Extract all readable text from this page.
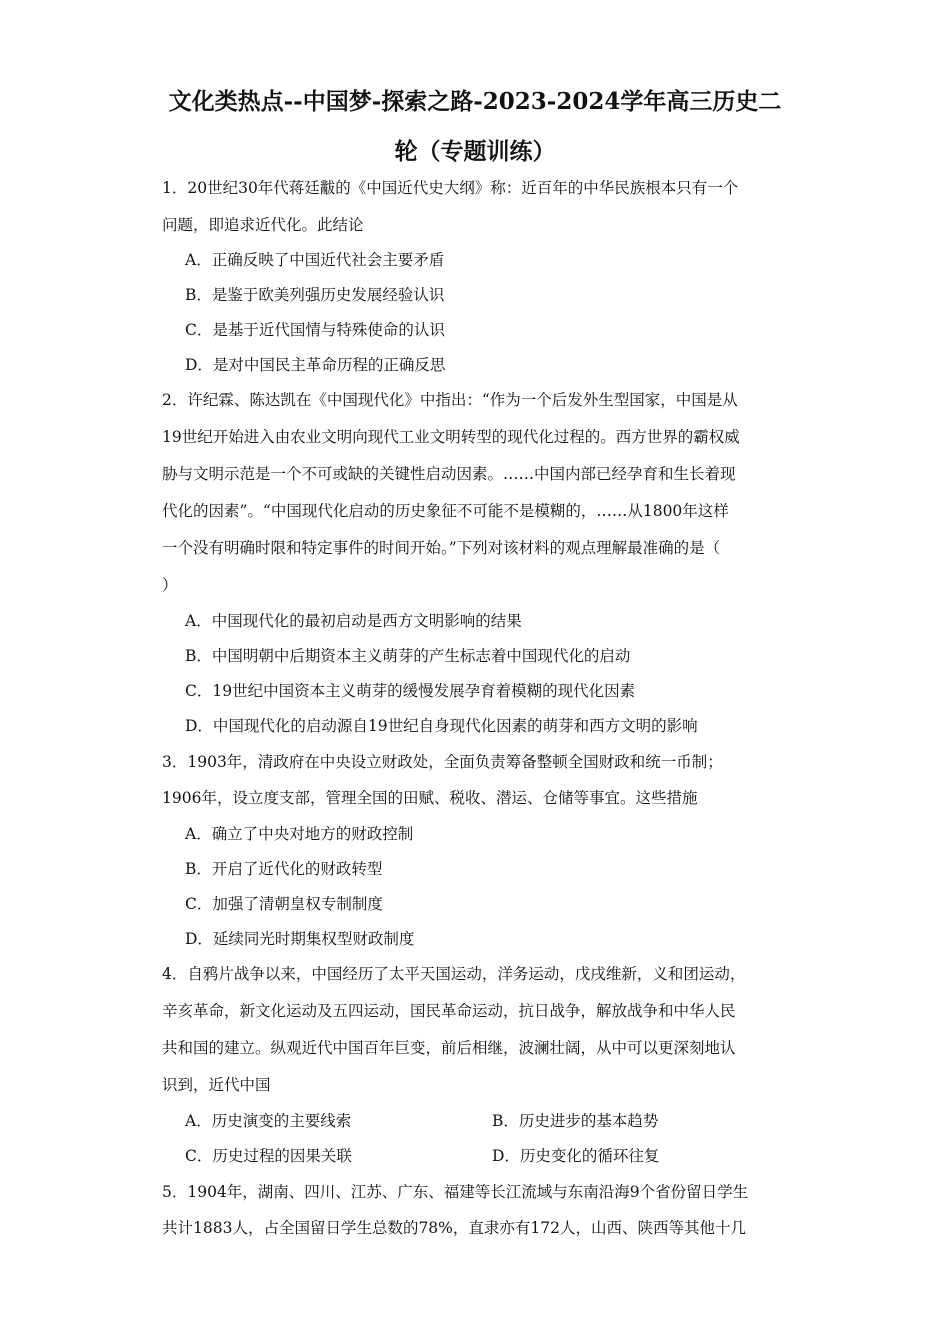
文化类热点--中国梦-探索之路-2023-2024学年高三历史二
轮（专题训练）
1．20世纪30年代蒋廷黻的《中国近代史大纲》称：近百年的中华民族根本只有一个
问题，即追求近代化。此结论
A．正确反映了中国近代社会主要矛盾
B．是鉴于欧美列强历史发展经验认识
C．是基于近代国情与特殊使命的认识
D．是对中国民主革命历程的正确反思
2．许纪霖、陈达凯在《中国现代化》中指出：“作为一个后发外生型国家，中国是从
19世纪开始进入由农业文明向现代工业文明转型的现代化过程的。西方世界的霸权威
胁与文明示范是一个不可或缺的关键性启动因素。……中国内部已经孕育和生长着现
代化的因素”。“中国现代化启动的历史象征不可能不是模糊的，……从1800年这样
一个没有明确时限和特定事件的时间开始。”下列对该材料的观点理解最准确的是（
）
A．中国现代化的最初启动是西方文明影响的结果
B．中国明朝中后期资本主义萌芽的产生标志着中国现代化的启动
C．19世纪中国资本主义萌芽的缓慢发展孕育着模糊的现代化因素
D．中国现代化的启动源自19世纪自身现代化因素的萌芽和西方文明的影响
3．1903年，清政府在中央设立财政处，全面负责筹备整顿全国财政和统一币制；
1906年，设立度支部，管理全国的田赋、税收、潜运、仓储等事宜。这些措施
A．确立了中央对地方的财政控制
B．开启了近代化的财政转型
C．加强了清朝皇权专制制度
D．延续同光时期集权型财政制度
4．自鸦片战争以来，中国经历了太平天国运动，洋务运动，戊戌维新，义和团运动，
辛亥革命，新文化运动及五四运动，国民革命运动，抗日战争，解放战争和中华人民
共和国的建立。纵观近代中国百年巨变，前后相继，波澜壮阔，从中可以更深刻地认
识到，近代中国
A．历史演变的主要线索	B．历史进步的基本趋势
C．历史过程的因果关联	D．历史变化的循环往复
5．1904年，湖南、四川、江苏、广东、福建等长江流域与东南沿海9个省份留日学生
共计1883人，占全国留日学生总数的78%，直隶亦有172人，山西、陕西等其他十几
